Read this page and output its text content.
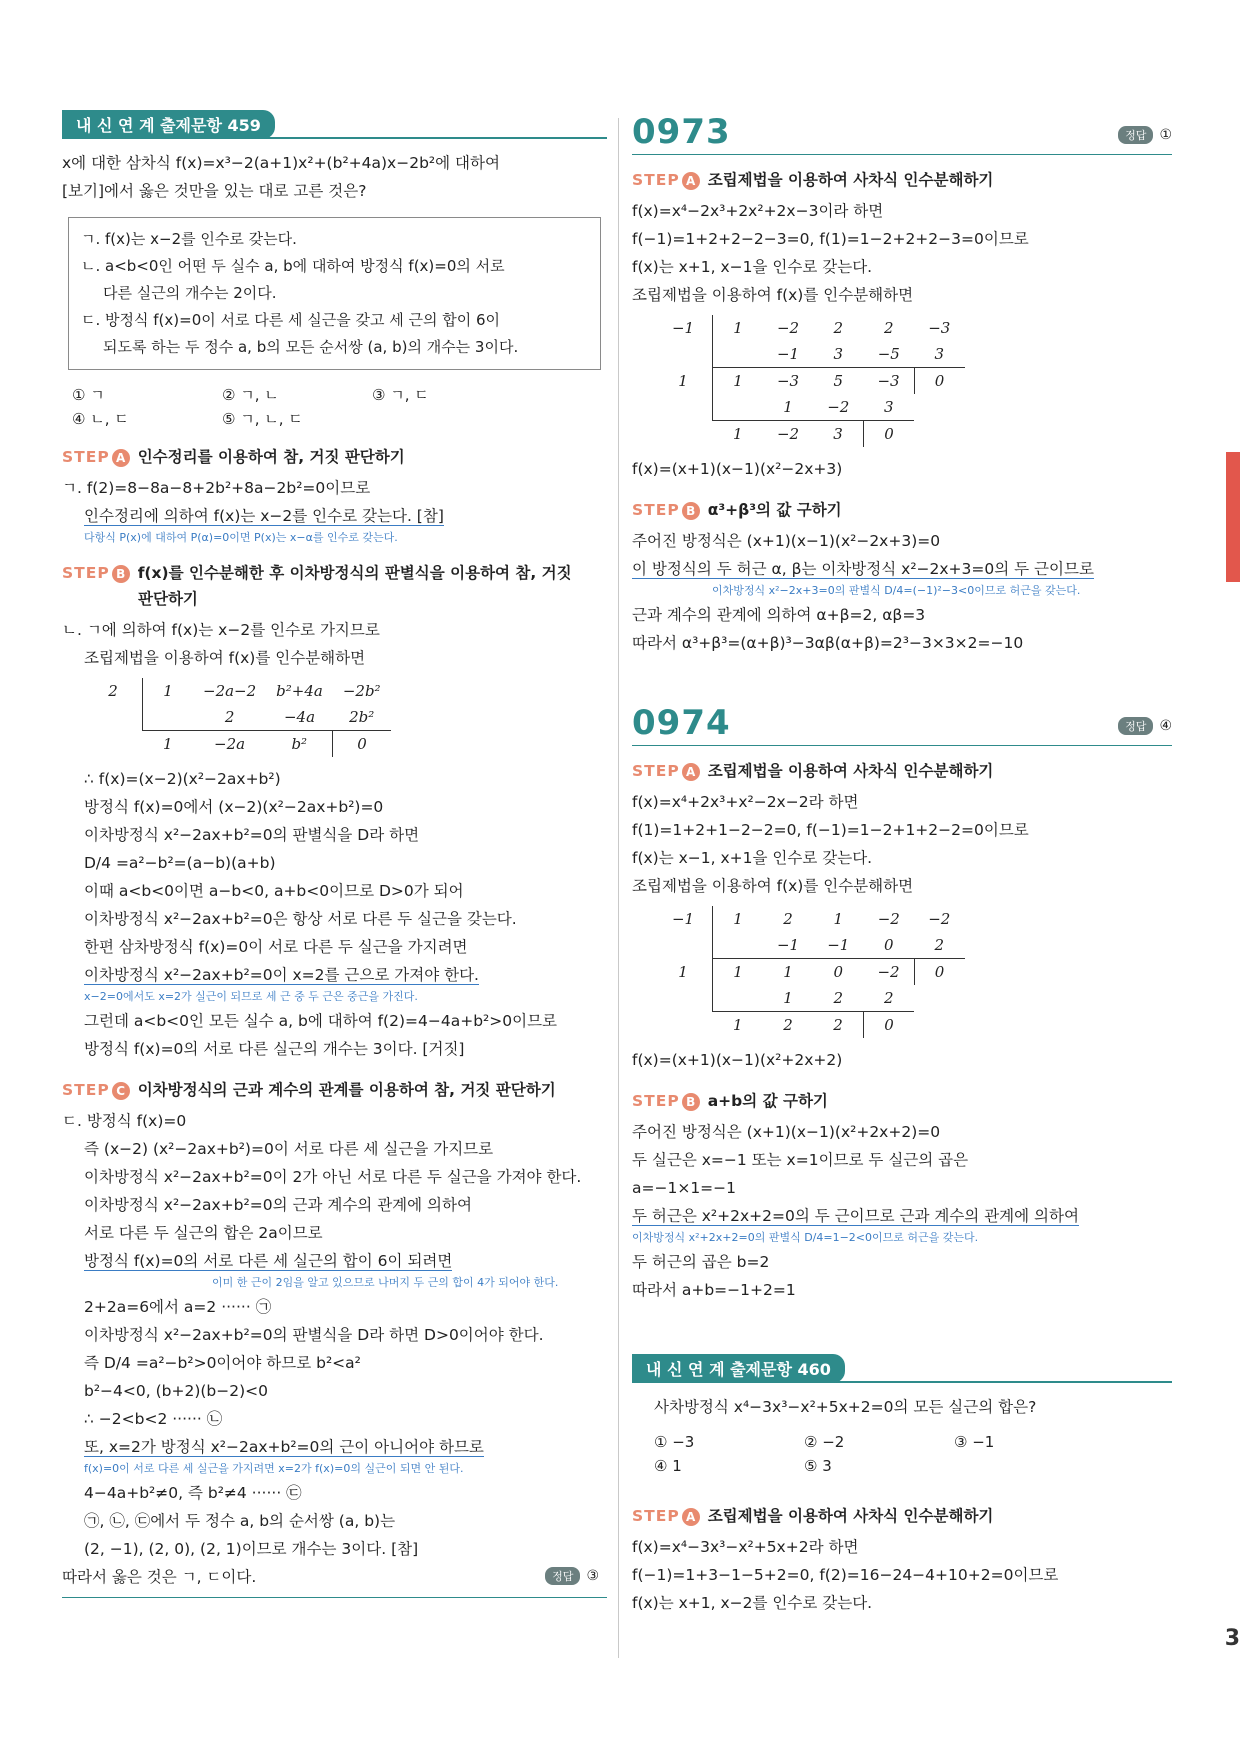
3
내 신 연 계 출제문항 459

x에 대한 삼차식 f(x)=x³−2(a+1)x²+(b²+4a)x−2b²에 대하여

[보기]에서 옳은 것만을 있는 대로 고른 것은?

ㄱ. f(x)는 x−2를 인수로 갖는다.

ㄴ. a<b<0인 어떤 두 실수 a, b에 대하여 방정식 f(x)=0의 서로

다른 실근의 개수는 2이다.

ㄷ. 방정식 f(x)=0이 서로 다른 세 실근을 갖고 세 근의 합이 6이

되도록 하는 두 정수 a, b의 모든 순서쌍 (a, b)의 개수는 3이다.

① ㄱ	② ㄱ, ㄴ	③ ㄱ, ㄷ
④ ㄴ, ㄷ	⑤ ㄱ, ㄴ, ㄷ
STEP A 인수정리를 이용하여 참, 거짓 판단하기

ㄱ. f(2)=8−8a−8+2b²+8a−2b²=0이므로

인수정리에 의하여 f(x)는 x−2를 인수로 갖는다. [참]

다항식 P(x)에 대하여 P(α)=0이면 P(x)는 x−α를 인수로 갖는다.

STEP B f(x)를 인수분해한 후 이차방정식의 판별식을 이용하여 참, 거짓
판단하기

ㄴ. ㄱ에 의하여 f(x)는 x−2를 인수로 가지므로

조립제법을 이용하여 f(x)를 인수분해하면

2	1	−2a−2	b²+4a	−2b²
		2	−4a	2b²
	1	−2a	b²	0

∴ f(x)=(x−2)(x²−2ax+b²)

방정식 f(x)=0에서 (x−2)(x²−2ax+b²)=0

이차방정식 x²−2ax+b²=0의 판별식을 D라 하면

D/4 =a²−b²=(a−b)(a+b)

이때 a<b<0이면 a−b<0, a+b<0이므로 D>0가 되어

이차방정식 x²−2ax+b²=0은 항상 서로 다른 두 실근을 갖는다.

한편 삼차방정식 f(x)=0이 서로 다른 두 실근을 가지려면

이차방정식 x²−2ax+b²=0이 x=2를 근으로 가져야 한다.

x−2=0에서도 x=2가 실근이 되므로 세 근 중 두 근은 중근을 가진다.

그런데 a<b<0인 모든 실수 a, b에 대하여 f(2)=4−4a+b²>0이므로

방정식 f(x)=0의 서로 다른 실근의 개수는 3이다. [거짓]

STEP C 이차방정식의 근과 계수의 관계를 이용하여 참, 거짓 판단하기

ㄷ. 방정식 f(x)=0

즉 (x−2) (x²−2ax+b²)=0이 서로 다른 세 실근을 가지므로

이차방정식 x²−2ax+b²=0이 2가 아닌 서로 다른 두 실근을 가져야 한다.

이차방정식 x²−2ax+b²=0의 근과 계수의 관계에 의하여

서로 다른 두 실근의 합은 2a이므로

방정식 f(x)=0의 서로 다른 세 실근의 합이 6이 되려면

이미 한 근이 2임을 알고 있으므로 나머지 두 근의 합이 4가 되어야 한다.

2+2a=6에서 a=2 ······ ㉠

이차방정식 x²−2ax+b²=0의 판별식을 D라 하면 D>0이어야 한다.

즉 D/4 =a²−b²>0이어야 하므로 b²<a²

b²−4<0, (b+2)(b−2)<0

∴ −2<b<2 ······ ㉡

또, x=2가 방정식 x²−2ax+b²=0의 근이 아니어야 하므로

f(x)=0이 서로 다른 세 실근을 가지려면 x=2가 f(x)=0의 실근이 되면 안 된다.

4−4a+b²≠0, 즉 b²≠4 ······ ㉢

㉠, ㉡, ㉢에서 두 정수 a, b의 순서쌍 (a, b)는

(2, −1), (2, 0), (2, 1)이므로 개수는 3이다. [참]

따라서 옳은 것은 ㄱ, ㄷ이다.	정답 ③
0973	정답 ①
STEP A 조립제법을 이용하여 사차식 인수분해하기

f(x)=x⁴−2x³+2x²+2x−3이라 하면

f(−1)=1+2+2−2−3=0, f(1)=1−2+2+2−3=0이므로

f(x)는 x+1, x−1을 인수로 갖는다.

조립제법을 이용하여 f(x)를 인수분해하면

−1	1	−2	2	2	−3
		−1	3	−5	3
1	1	−3	5	−3	0
		1	−2	3	
	1	−2	3	0	

f(x)=(x+1)(x−1)(x²−2x+3)

STEP B α³+β³의 값 구하기

주어진 방정식은 (x+1)(x−1)(x²−2x+3)=0

이 방정식의 두 허근 α, β는 이차방정식 x²−2x+3=0의 두 근이므로

이차방정식 x²−2x+3=0의 판별식 D/4=(−1)²−3<0이므로 허근을 갖는다.

근과 계수의 관계에 의하여 α+β=2, αβ=3

따라서 α³+β³=(α+β)³−3αβ(α+β)=2³−3×3×2=−10

0974	정답 ④
STEP A 조립제법을 이용하여 사차식 인수분해하기

f(x)=x⁴+2x³+x²−2x−2라 하면

f(1)=1+2+1−2−2=0, f(−1)=1−2+1+2−2=0이므로

f(x)는 x−1, x+1을 인수로 갖는다.

조립제법을 이용하여 f(x)를 인수분해하면

−1	1	2	1	−2	−2
		−1	−1	0	2
1	1	1	0	−2	0
		1	2	2	
	1	2	2	0	

f(x)=(x+1)(x−1)(x²+2x+2)

STEP B a+b의 값 구하기

주어진 방정식은 (x+1)(x−1)(x²+2x+2)=0

두 실근은 x=−1 또는 x=1이므로 두 실근의 곱은

a=−1×1=−1

두 허근은 x²+2x+2=0의 두 근이므로 근과 계수의 관계에 의하여

이차방정식 x²+2x+2=0의 판별식 D/4=1−2<0이므로 허근을 갖는다.

두 허근의 곱은 b=2

따라서 a+b=−1+2=1

내 신 연 계 출제문항 460

사차방정식 x⁴−3x³−x²+5x+2=0의 모든 실근의 합은?

① −3	② −2	③ −1
④ 1	⑤ 3
STEP A 조립제법을 이용하여 사차식 인수분해하기

f(x)=x⁴−3x³−x²+5x+2라 하면

f(−1)=1+3−1−5+2=0, f(2)=16−24−4+10+2=0이므로

f(x)는 x+1, x−2를 인수로 갖는다.
